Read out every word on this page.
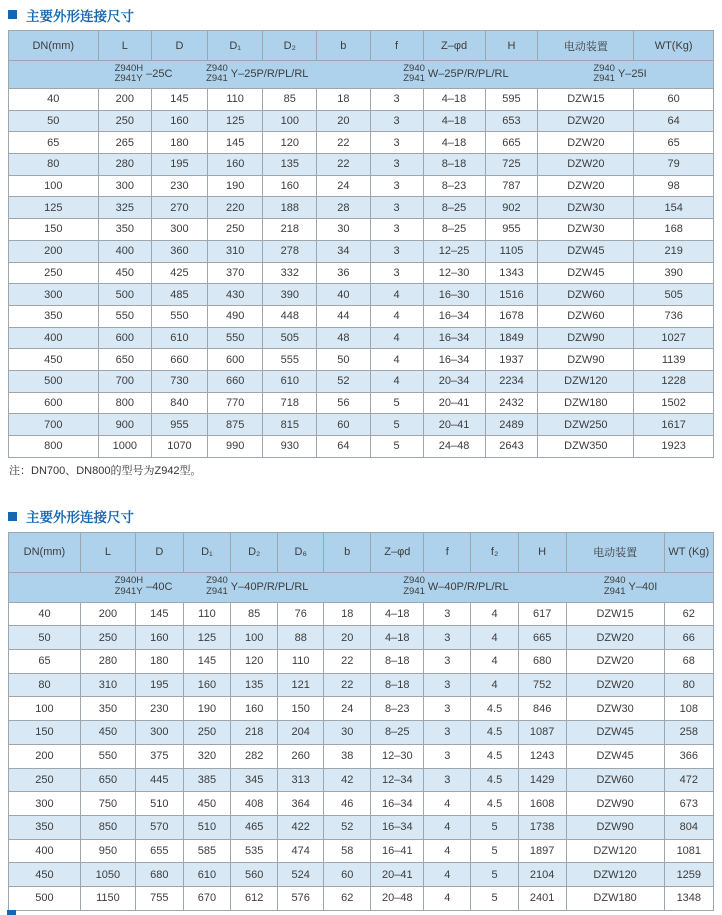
主要外形连接尺寸
DN(mm)	L	D	D₁	D₂	b	f	Z–φd	H	电动装置	WT(Kg)

Z940H
Z941Y –25C
Z940
Z941 Y–25P/R/PL/RL
Z940
Z941 W–25P/R/PL/RL
Z940
Z941 Y–25I

40	200	145	110	85	18	3	4–18	595	DZW15	60
50	250	160	125	100	20	3	4–18	653	DZW20	64
65	265	180	145	120	22	3	4–18	665	DZW20	65
80	280	195	160	135	22	3	8–18	725	DZW20	79
100	300	230	190	160	24	3	8–23	787	DZW20	98
125	325	270	220	188	28	3	8–25	902	DZW30	154
150	350	300	250	218	30	3	8–25	955	DZW30	168
200	400	360	310	278	34	3	12–25	1105	DZW45	219
250	450	425	370	332	36	3	12–30	1343	DZW45	390
300	500	485	430	390	40	4	16–30	1516	DZW60	505
350	550	550	490	448	44	4	16–34	1678	DZW60	736
400	600	610	550	505	48	4	16–34	1849	DZW90	1027
450	650	660	600	555	50	4	16–34	1937	DZW90	1139
500	700	730	660	610	52	4	20–34	2234	DZW120	1228
600	800	840	770	718	56	5	20–41	2432	DZW180	1502
700	900	955	875	815	60	5	20–41	2489	DZW250	1617
800	1000	1070	990	930	64	5	24–48	2643	DZW350	1923
注：DN700、DN800的型号为Z942型。
主要外形连接尺寸
DN(mm)	L	D	D₁	D₂	D₆	b	Z–φd	f	f₂	H	电动装置	WT (Kg)

Z940H
Z941Y –40C
Z940
Z941 Y–40P/R/PL/RL
Z940
Z941 W–40P/R/PL/RL
Z940
Z941 Y–40I

40	200	145	110	85	76	18	4–18	3	4	617	DZW15	62
50	250	160	125	100	88	20	4–18	3	4	665	DZW20	66
65	280	180	145	120	110	22	8–18	3	4	680	DZW20	68
80	310	195	160	135	121	22	8–18	3	4	752	DZW20	80
100	350	230	190	160	150	24	8–23	3	4.5	846	DZW30	108
150	450	300	250	218	204	30	8–25	3	4.5	1087	DZW45	258
200	550	375	320	282	260	38	12–30	3	4.5	1243	DZW45	366
250	650	445	385	345	313	42	12–34	3	4.5	1429	DZW60	472
300	750	510	450	408	364	46	16–34	4	4.5	1608	DZW90	673
350	850	570	510	465	422	52	16–34	4	5	1738	DZW90	804
400	950	655	585	535	474	58	16–41	4	5	1897	DZW120	1081
450	1050	680	610	560	524	60	20–41	4	5	2104	DZW120	1259
500	1150	755	670	612	576	62	20–48	4	5	2401	DZW180	1348
